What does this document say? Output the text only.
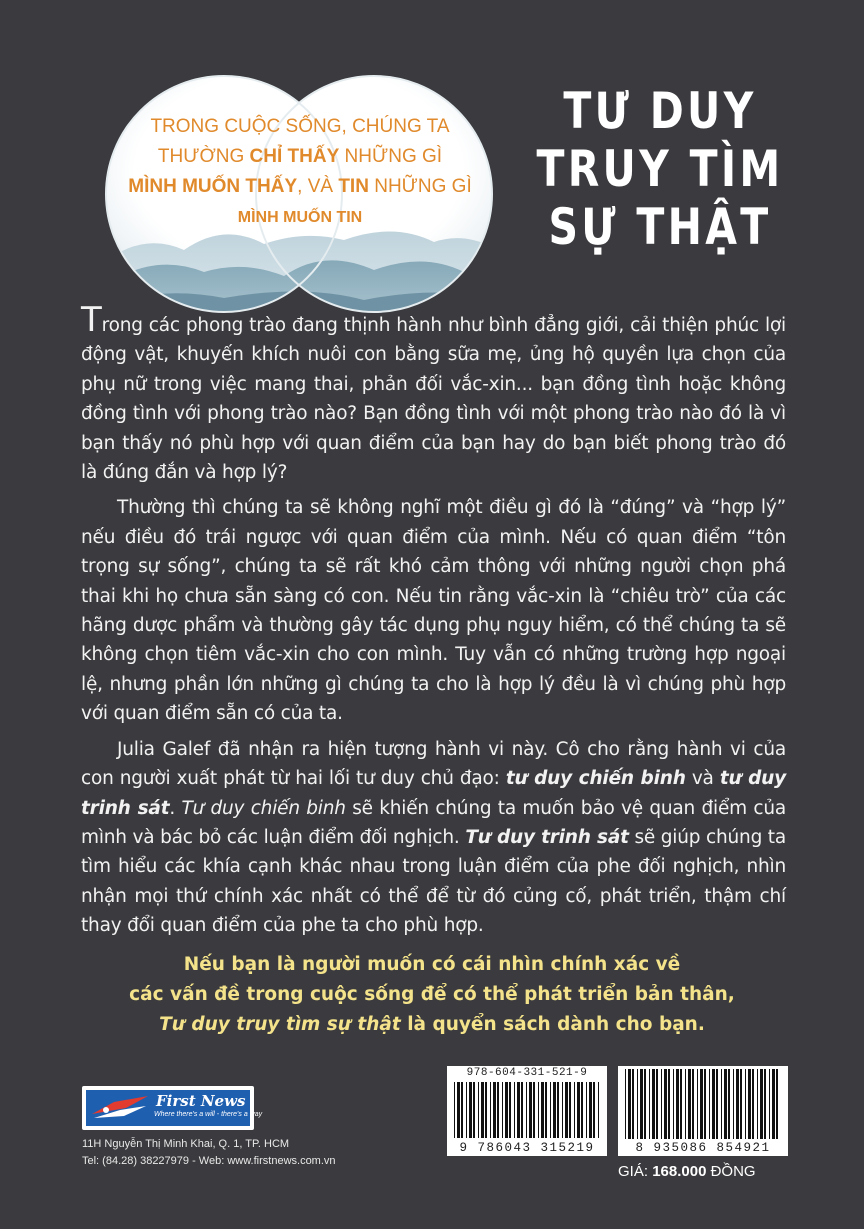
TRONG CUỘC SỐNG, CHÚNG TA
THƯỜNG CHỈ THẤY NHỮNG GÌ
MÌNH MUỐN THẤY, VÀ TIN NHỮNG GÌ
MÌNH MUỐN TIN
TƯ DUY
TRUY TÌM
SỰ THẬT

Trong các phong trào đang thịnh hành như bình đẳng giới, cải thiện phúc lợi động vật, khuyến khích nuôi con bằng sữa mẹ, ủng hộ quyền lựa chọn của phụ nữ trong việc mang thai, phản đối vắc-xin... bạn đồng tình hoặc không đồng tình với phong trào nào? Bạn đồng tình với một phong trào nào đó là vì bạn thấy nó phù hợp với quan điểm của bạn hay do bạn biết phong trào đó là đúng đắn và hợp lý?

Thường thì chúng ta sẽ không nghĩ một điều gì đó là “đúng” và “hợp lý” nếu điều đó trái ngược với quan điểm của mình. Nếu có quan điểm “tôn trọng sự sống”, chúng ta sẽ rất khó cảm thông với những người chọn phá thai khi họ chưa sẵn sàng có con. Nếu tin rằng vắc-xin là “chiêu trò” của các hãng dược phẩm và thường gây tác dụng phụ nguy hiểm, có thể chúng ta sẽ không chọn tiêm vắc-xin cho con mình. Tuy vẫn có những trường hợp ngoại lệ, nhưng phần lớn những gì chúng ta cho là hợp lý đều là vì chúng phù hợp với quan điểm sẵn có của ta.

Julia Galef đã nhận ra hiện tượng hành vi này. Cô cho rằng hành vi của con người xuất phát từ hai lối tư duy chủ đạo: tư duy chiến binh và tư duy trinh sát. Tư duy chiến binh sẽ khiến chúng ta muốn bảo vệ quan điểm của mình và bác bỏ các luận điểm đối nghịch. Tư duy trinh sát sẽ giúp chúng ta tìm hiểu các khía cạnh khác nhau trong luận điểm của phe đối nghịch, nhìn nhận mọi thứ chính xác nhất có thể để từ đó củng cố, phát triển, thậm chí thay đổi quan điểm của phe ta cho phù hợp.

Nếu bạn là người muốn có cái nhìn chính xác về
các vấn đề trong cuộc sống để có thể phát triển bản thân,
Tư duy truy tìm sự thật là quyển sách dành cho bạn.
First News
Where there's a will - there's a way
11H Nguyễn Thị Minh Khai, Q. 1, TP. HCM
Tel: (84.28) 38227979 - Web: www.firstnews.com.vn
978-604-331-521-9
9 786043 315219	8 935086 854921
GIÁ: 168.000 ĐỒNG
